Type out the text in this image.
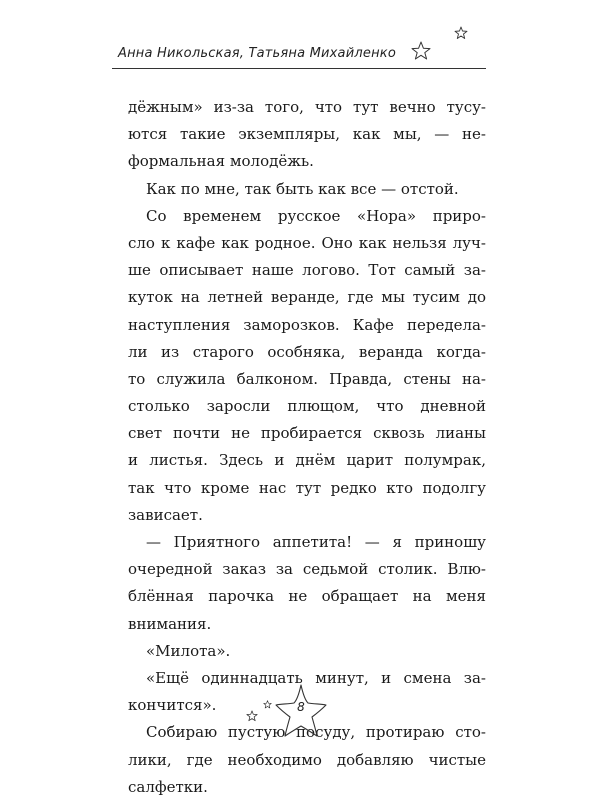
Анна Никольская, Татьяна Михайленко
дёжным» из-за того, что тут вечно тусу-
ются такие экземпляры, как мы, — не-
формальная молодёжь.
Как по мне, так быть как все — отстой.
Со временем русское «Нора» приро-
сло к кафе как родное. Оно как нельзя луч-
ше описывает наше логово. Тот самый за-
куток на летней веранде, где мы тусим до
наступления заморозков. Кафе переделa-
ли из старого особняка, веранда когда-
то служила балконом. Правда, стены на-
столько заросли плющом, что дневной
свет почти не пробирается сквозь лианы
и листья. Здесь и днём царит полумрак,
так что кроме нас тут редко кто подолгу
зависает.
— Приятного аппетита! — я приношу
очередной заказ за седьмой столик. Влю-
блённая парочка не обращает на меня
внимания.
«Милота».
«Ещё одиннадцать минут, и смена за-
кончится».
Собираю пустую посуду, протираю сто-
лики, где необходимо добавляю чистые
салфетки.
8
